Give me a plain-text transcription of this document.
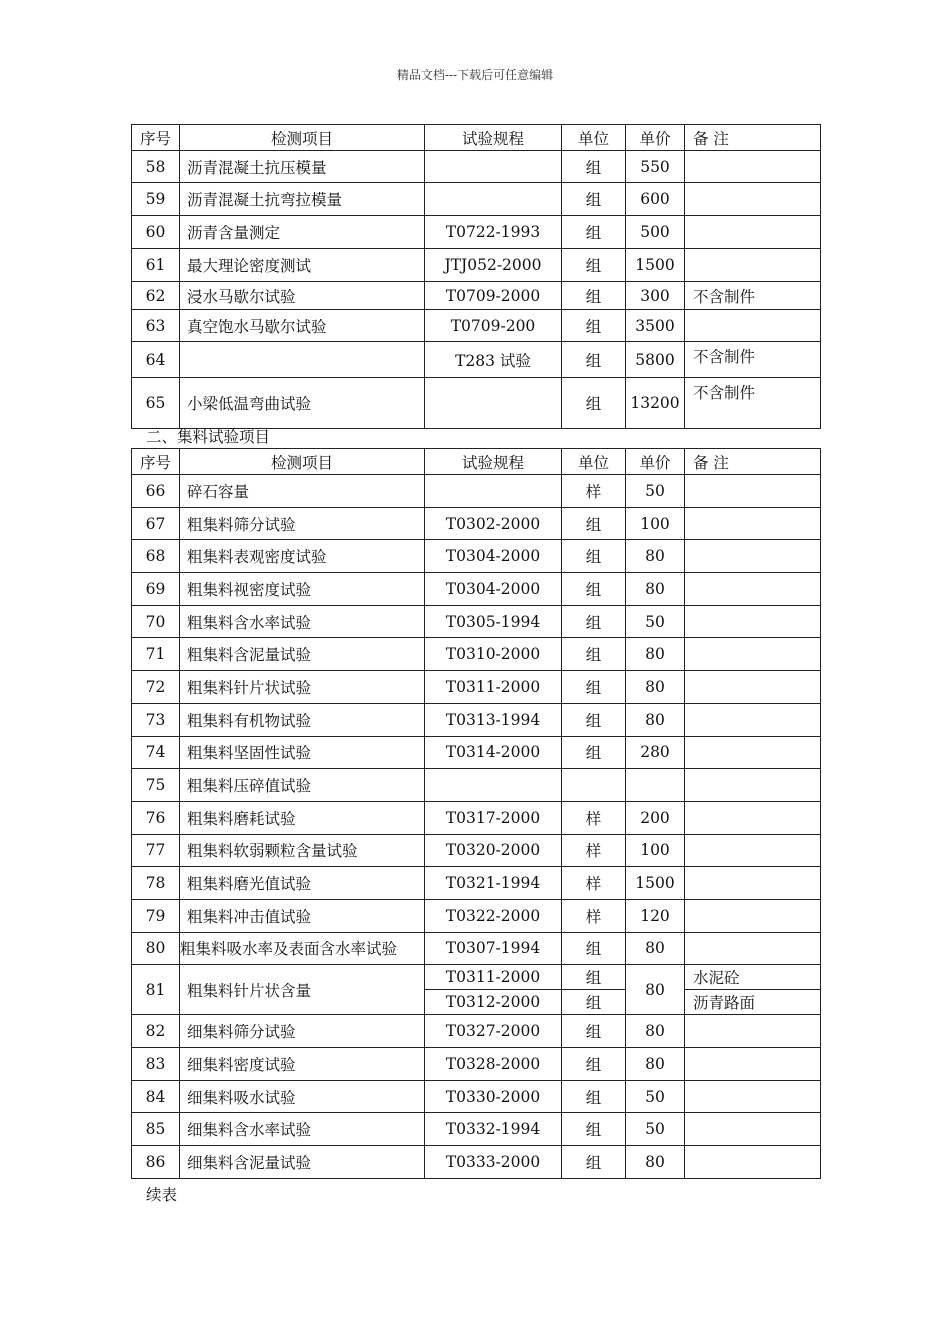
精品文档---下载后可任意编辑
序号	检测项目	试验规程	单位	单价	备 注
58	沥青混凝土抗压模量		组	550	
59	沥青混凝土抗弯拉模量		组	600	
60	沥青含量测定	T0722-1993	组	500	
61	最大理论密度测试	JTJ052-2000	组	1500	
62	浸水马歇尔试验	T0709-2000	组	300	不含制件
63	真空饱水马歇尔试验	T0709-200	组	3500	
64		T283 试验	组	5800	不含制件
65	小梁低温弯曲试验		组	13200	不含制件
二、集料试验项目
序号	检测项目	试验规程	单位	单价	备 注
66	碎石容量		样	50	
67	粗集料筛分试验	T0302-2000	组	100	
68	粗集料表观密度试验	T0304-2000	组	80	
69	粗集料视密度试验	T0304-2000	组	80	
70	粗集料含水率试验	T0305-1994	组	50	
71	粗集料含泥量试验	T0310-2000	组	80	
72	粗集料针片状试验	T0311-2000	组	80	
73	粗集料有机物试验	T0313-1994	组	80	
74	粗集料坚固性试验	T0314-2000	组	280	
75	粗集料压碎值试验				
76	粗集料磨耗试验	T0317-2000	样	200	
77	粗集料软弱颗粒含量试验	T0320-2000	样	100	
78	粗集料磨光值试验	T0321-1994	样	1500	
79	粗集料冲击值试验	T0322-2000	样	120	
80	粗集料吸水率及表面含水率试验	T0307-1994	组	80	
81	粗集料针片状含量	T0311-2000	组	80	水泥砼
		T0312-2000	组		沥青路面
82	细集料筛分试验	T0327-2000	组	80	
83	细集料密度试验	T0328-2000	组	80	
84	细集料吸水试验	T0330-2000	组	50	
85	细集料含水率试验	T0332-1994	组	50	
86	细集料含泥量试验	T0333-2000	组	80	
续表
